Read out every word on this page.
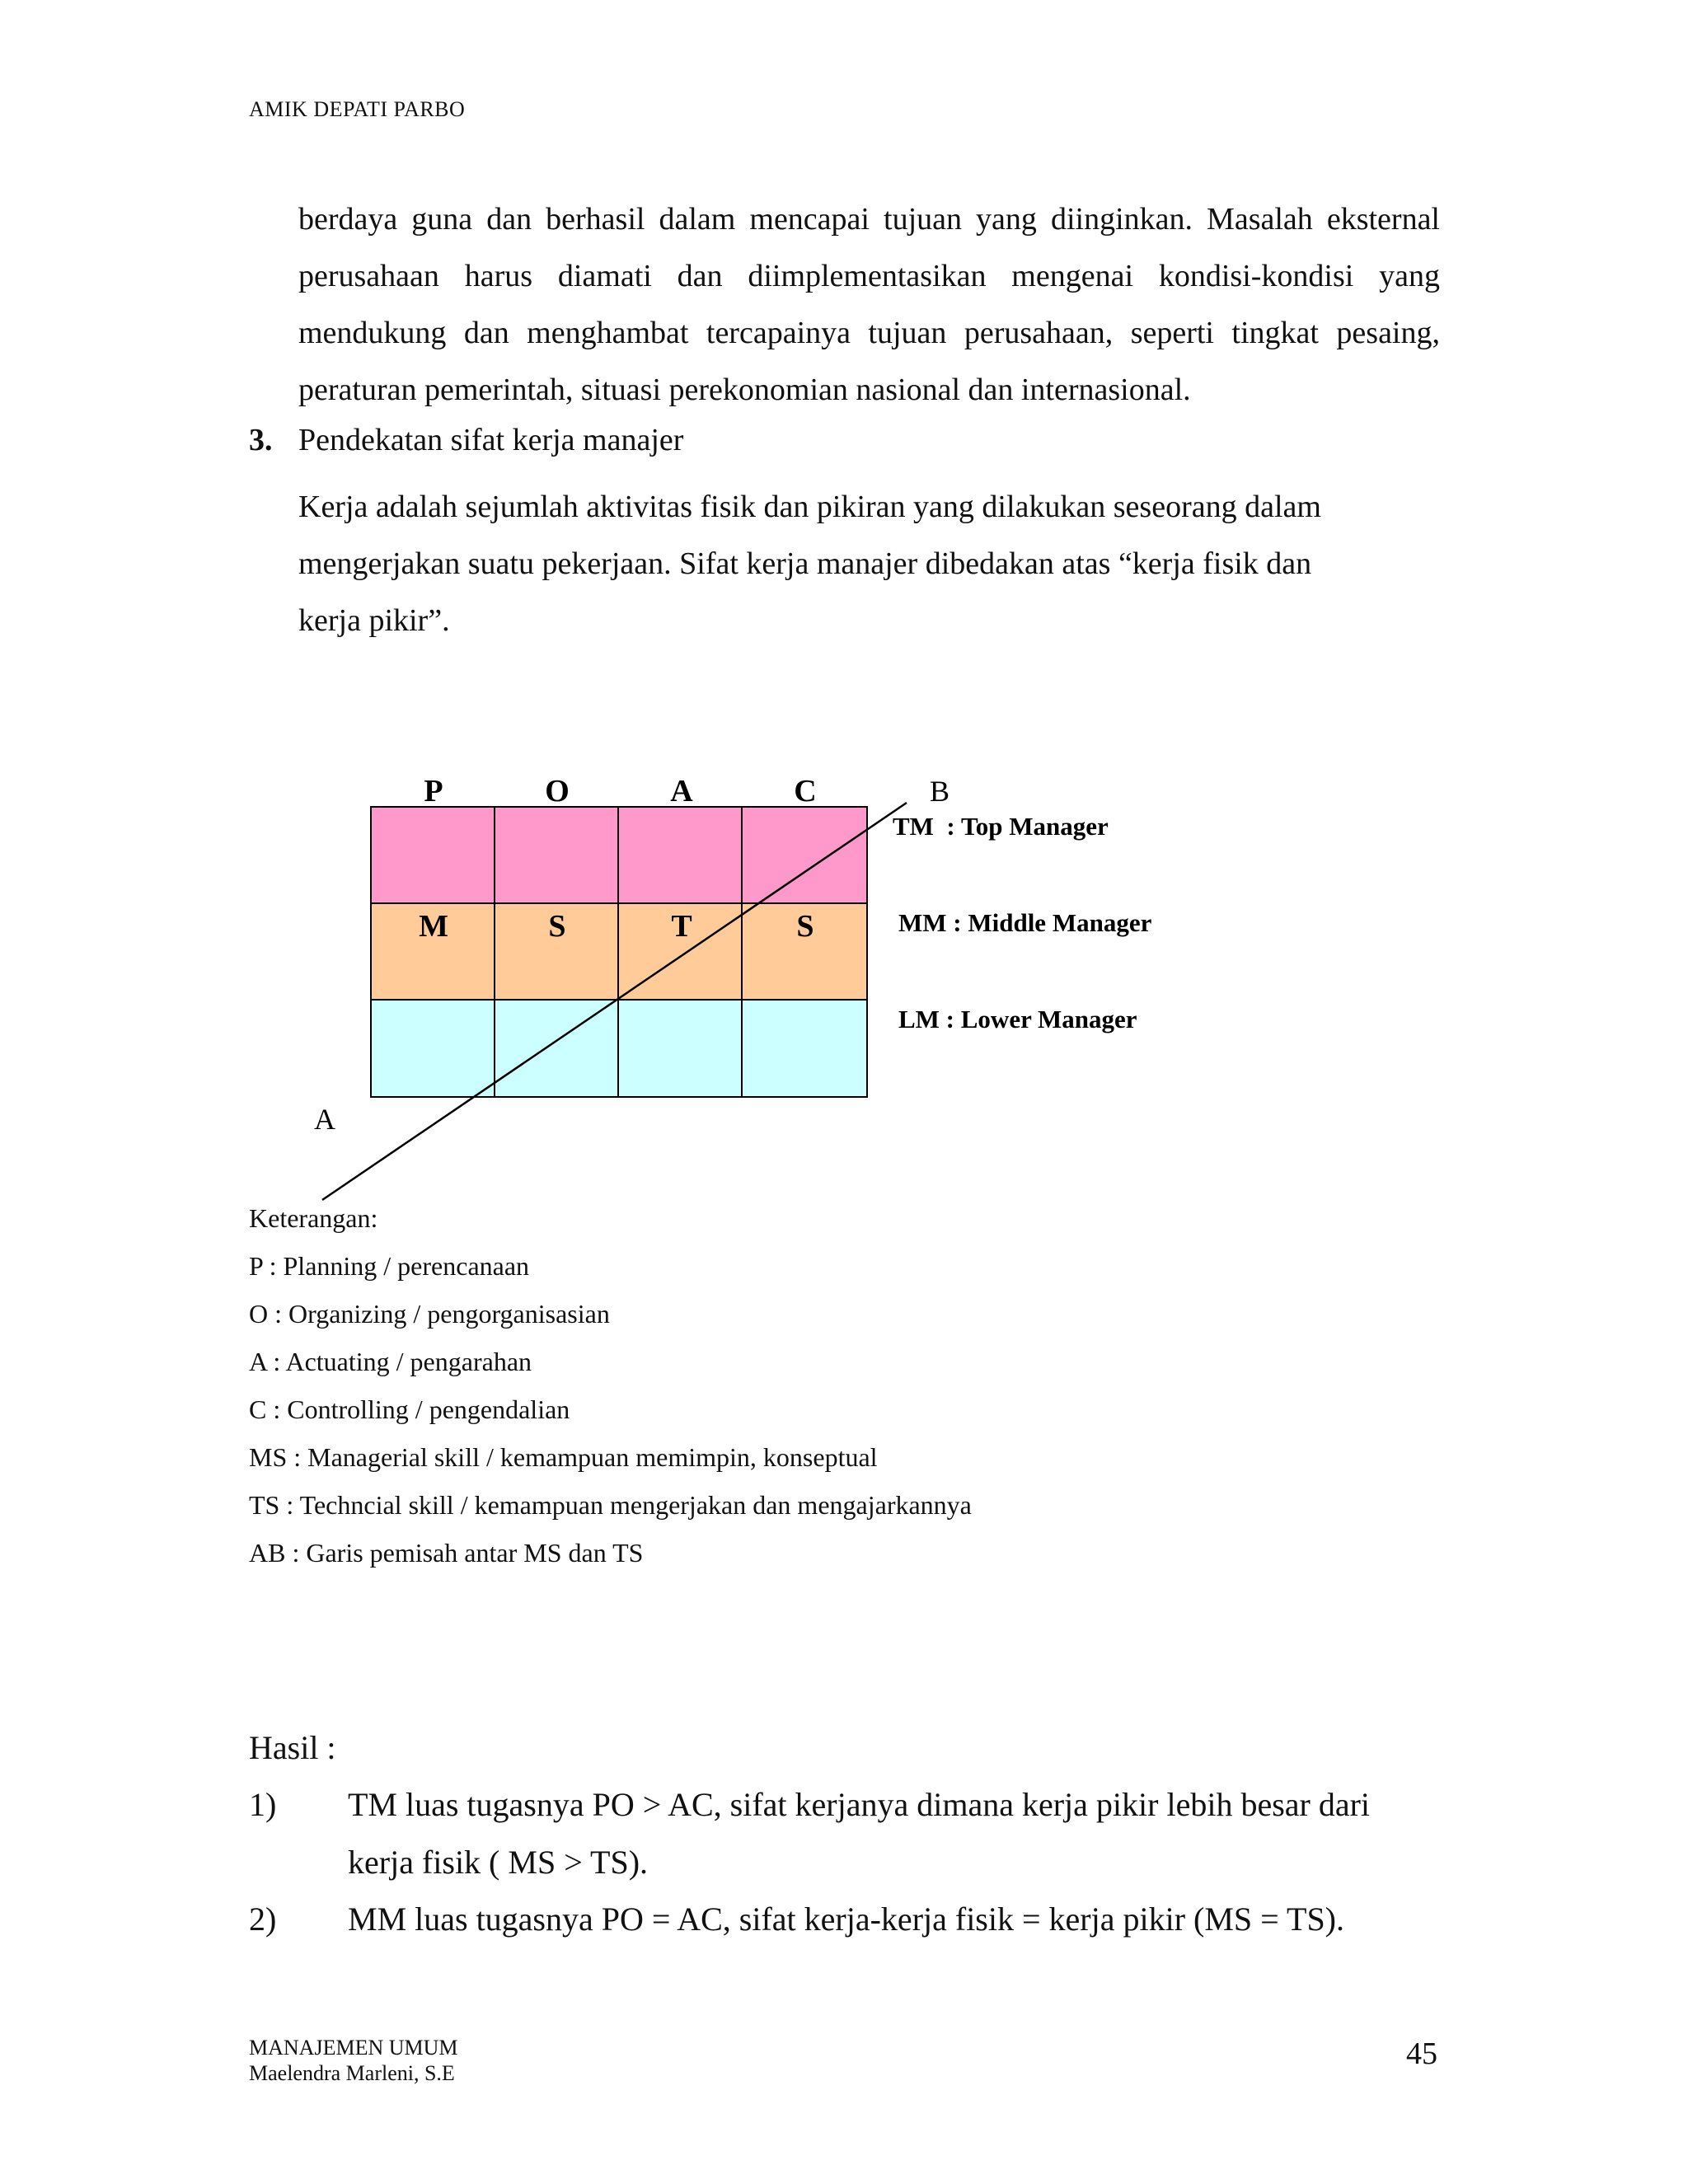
AMIK DEPATI PARBO
berdaya guna dan berhasil dalam mencapai tujuan yang diinginkan. Masalah eksternal
perusahaan harus diamati dan diimplementasikan mengenai kondisi-kondisi yang
mendukung dan menghambat tercapainya tujuan perusahaan, seperti tingkat pesaing,
peraturan pemerintah, situasi perekonomian nasional dan internasional.
3. Pendekatan sifat kerja manajer
Kerja adalah sejumlah aktivitas fisik dan pikiran yang dilakukan seseorang dalam
mengerjakan suatu pekerjaan. Sifat kerja manajer dibedakan atas “kerja fisik dan
kerja pikir”.
P	O	A	C
M	S	T	S
B
A
TM  : Top Manager
MM : Middle Manager
LM : Lower Manager
Keterangan:
P : Planning / perencanaan
O : Organizing / pengorganisasian
A : Actuating / pengarahan
C : Controlling / pengendalian
MS : Managerial skill / kemampuan memimpin, konseptual
TS : Techncial skill / kemampuan mengerjakan dan mengajarkannya
AB : Garis pemisah antar MS dan TS
Hasil :
1) TM luas tugasnya PO > AC, sifat kerjanya dimana kerja pikir lebih besar dari
kerja fisik ( MS > TS).
2) MM luas tugasnya PO = AC, sifat kerja-kerja fisik = kerja pikir (MS = TS).
MANAJEMEN UMUM
Maelendra Marleni, S.E
45
